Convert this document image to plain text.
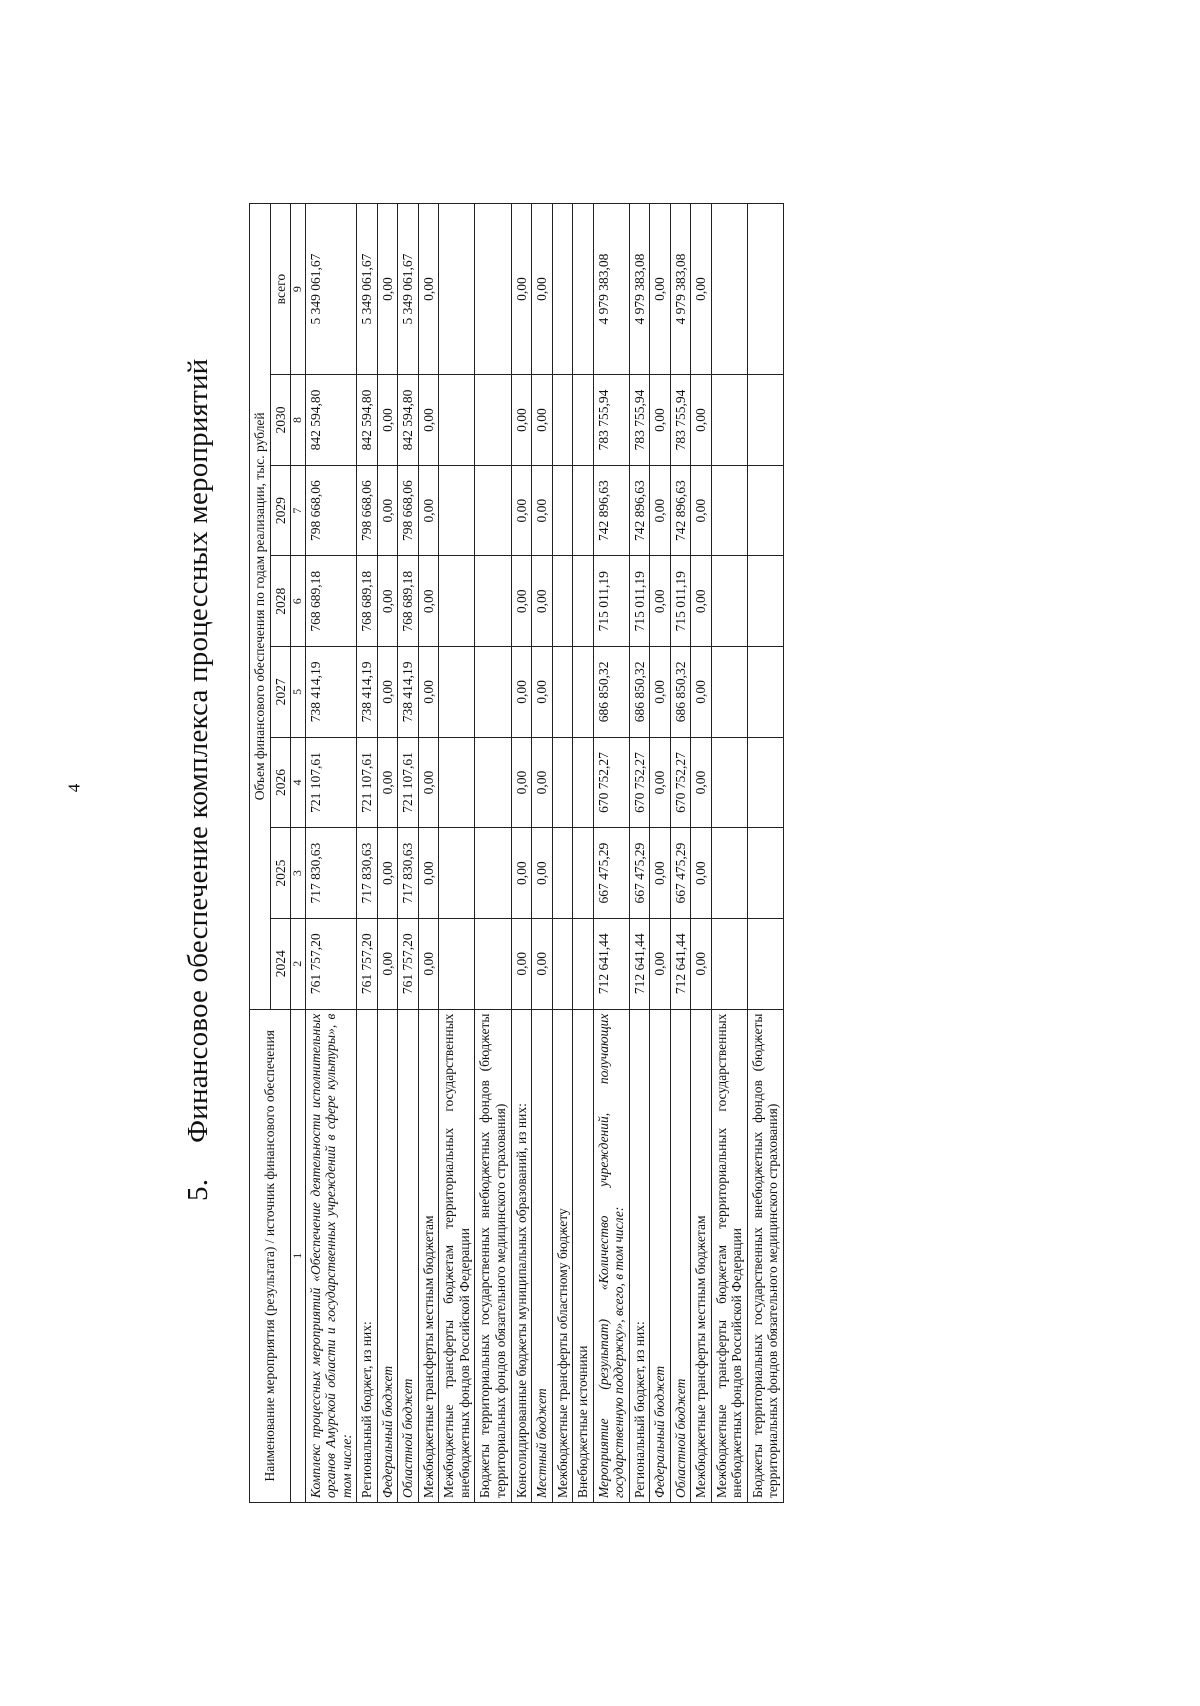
4
5.Финансовое обеспечение комплекса процессных мероприятий
Наименование мероприятия (результата) / источник финансового обеспечения	Объем финансового обеспечения по годам реализации, тыс. рублей							
	2024	2025	2026	2027	2028	2029	2030	всего
1	2	3	4	5	6	7	8	9
Комплекс процессных мероприятий «Обеспечение деятельности исполнительных органов Амурской области и государственных учреждений в сфере культуры», в том числе:	761 757,20	717 830,63	721 107,61	738 414,19	768 689,18	798 668,06	842 594,80	5 349 061,67
Региональный бюджет, из них:	761 757,20	717 830,63	721 107,61	738 414,19	768 689,18	798 668,06	842 594,80	5 349 061,67
Федеральный бюджет	0,00	0,00	0,00	0,00	0,00	0,00	0,00	0,00
Областной бюджет	761 757,20	717 830,63	721 107,61	738 414,19	768 689,18	798 668,06	842 594,80	5 349 061,67
Межбюджетные трансферты местным бюджетам	0,00	0,00	0,00	0,00	0,00	0,00	0,00	0,00
Межбюджетные трансферты бюджетам территориальных государственных внебюджетных фондов Российской Федерации								
Бюджеты территориальных государственных внебюджетных фондов (бюджеты территориальных фондов обязательного медицинского страхования)								
Консолидированные бюджеты муниципальных образований, из них:	0,00	0,00	0,00	0,00	0,00	0,00	0,00	0,00
Местный бюджет	0,00	0,00	0,00	0,00	0,00	0,00	0,00	0,00
Межбюджетные трансферты областному бюджету								
Внебюджетные источники								
Мероприятие (результат) «Количество учреждений, получающих государственную поддержку», всего, в том числе:	712 641,44	667 475,29	670 752,27	686 850,32	715 011,19	742 896,63	783 755,94	4 979 383,08
Региональный бюджет, из них:	712 641,44	667 475,29	670 752,27	686 850,32	715 011,19	742 896,63	783 755,94	4 979 383,08
Федеральный бюджет	0,00	0,00	0,00	0,00	0,00	0,00	0,00	0,00
Областной бюджет	712 641,44	667 475,29	670 752,27	686 850,32	715 011,19	742 896,63	783 755,94	4 979 383,08
Межбюджетные трансферты местным бюджетам	0,00	0,00	0,00	0,00	0,00	0,00	0,00	0,00
Межбюджетные трансферты бюджетам территориальных государственных внебюджетных фондов Российской Федерации								
Бюджеты территориальных государственных внебюджетных фондов (бюджеты территориальных фондов обязательного медицинского страхования)								
